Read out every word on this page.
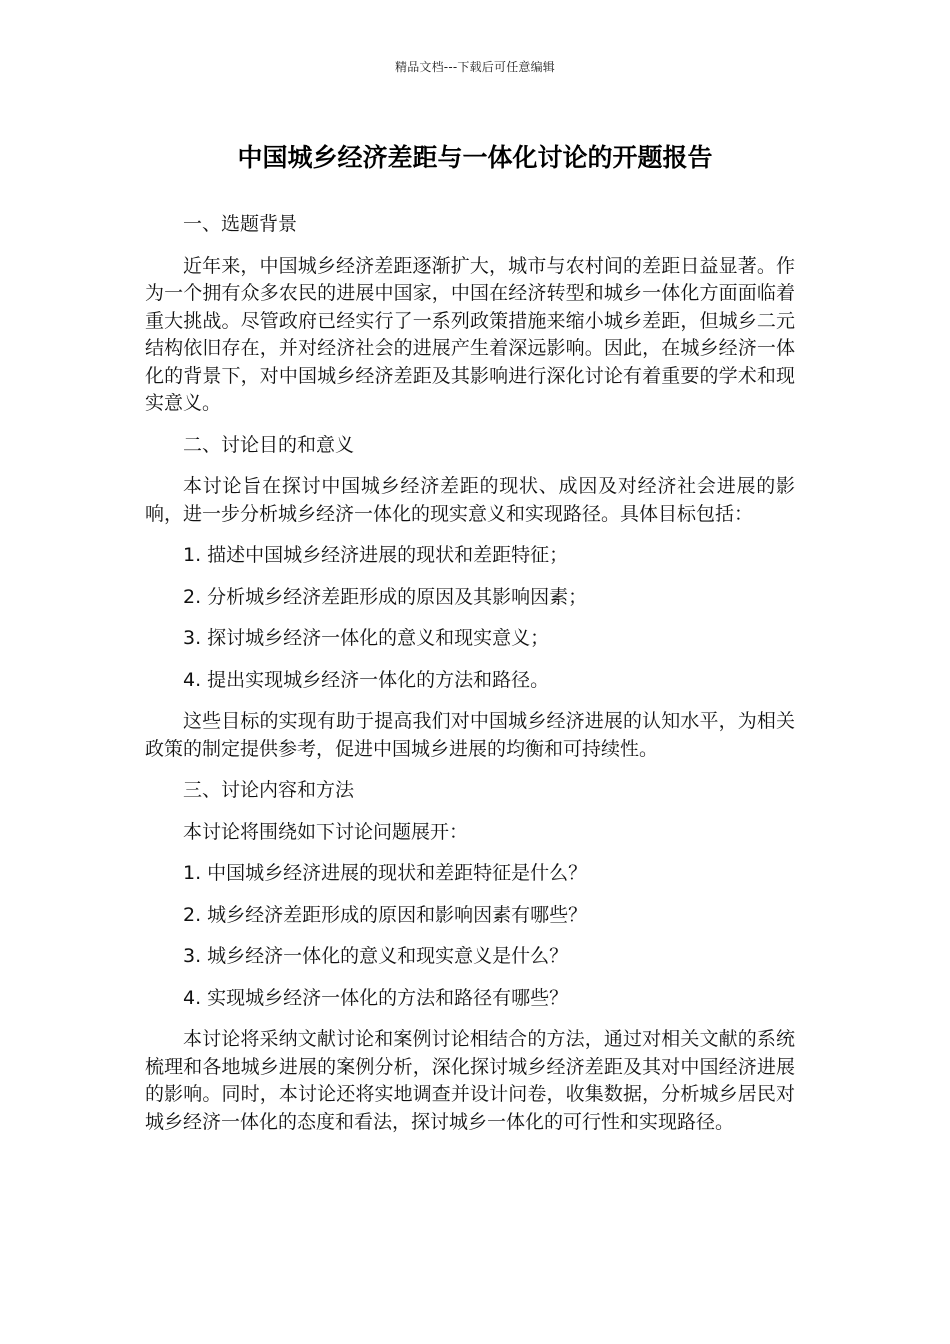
精品文档---下载后可任意编辑
中国城乡经济差距与一体化讨论的开题报告
一、选题背景
近年来，中国城乡经济差距逐渐扩大，城市与农村间的差距日益显著。作为一个拥有众多农民的进展中国家，中国在经济转型和城乡一体化方面面临着重大挑战。尽管政府已经实行了一系列政策措施来缩小城乡差距，但城乡二元结构依旧存在，并对经济社会的进展产生着深远影响。因此，在城乡经济一体化的背景下，对中国城乡经济差距及其影响进行深化讨论有着重要的学术和现实意义。
二、讨论目的和意义
本讨论旨在探讨中国城乡经济差距的现状、成因及对经济社会进展的影响，进一步分析城乡经济一体化的现实意义和实现路径。具体目标包括：
1. 描述中国城乡经济进展的现状和差距特征；
2. 分析城乡经济差距形成的原因及其影响因素；
3. 探讨城乡经济一体化的意义和现实意义；
4. 提出实现城乡经济一体化的方法和路径。
这些目标的实现有助于提高我们对中国城乡经济进展的认知水平，为相关政策的制定提供参考，促进中国城乡进展的均衡和可持续性。
三、讨论内容和方法
本讨论将围绕如下讨论问题展开：
1. 中国城乡经济进展的现状和差距特征是什么？
2. 城乡经济差距形成的原因和影响因素有哪些？
3. 城乡经济一体化的意义和现实意义是什么？
4. 实现城乡经济一体化的方法和路径有哪些？
本讨论将采纳文献讨论和案例讨论相结合的方法，通过对相关文献的系统梳理和各地城乡进展的案例分析，深化探讨城乡经济差距及其对中国经济进展的影响。同时，本讨论还将实地调查并设计问卷，收集数据，分析城乡居民对城乡经济一体化的态度和看法，探讨城乡一体化的可行性和实现路径。
